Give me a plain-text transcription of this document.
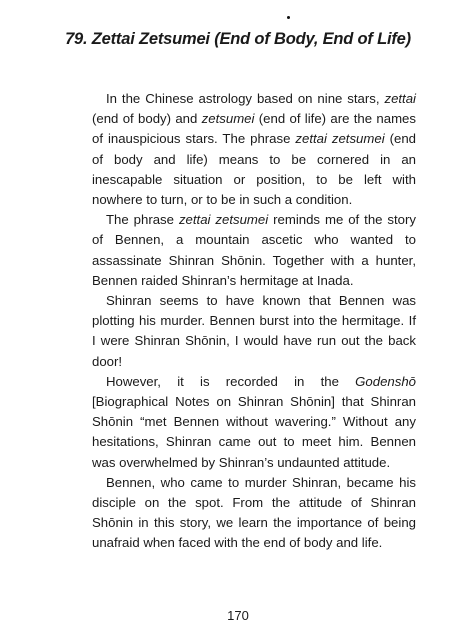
79. Zettai Zetsumei (End of Body, End of Life)

In the Chinese astrology based on nine stars, zettai (end of body) and zetsumei (end of life) are the names of inauspicious stars. The phrase zettai zetsumei (end of body and life) means to be cornered in an inescapable situation or position, to be left with nowhere to turn, or to be in such a condition.

The phrase zettai zetsumei reminds me of the story of Bennen, a mountain ascetic who wanted to assassinate Shinran Shōnin. Together with a hunter, Bennen raided Shinran’s hermitage at Inada.

Shinran seems to have known that Bennen was plotting his murder. Bennen burst into the hermitage. If I were Shinran Shōnin, I would have run out the back door!

However, it is recorded in the Godenshō [Biographical Notes on Shinran Shōnin] that Shinran Shōnin “met Bennen without wavering.” Without any hesitations, Shinran came out to meet him. Bennen was overwhelmed by Shinran’s undaunted attitude.

Bennen, who came to murder Shinran, became his disciple on the spot. From the attitude of Shinran Shōnin in this story, we learn the importance of being unafraid when faced with the end of body and life.

170
